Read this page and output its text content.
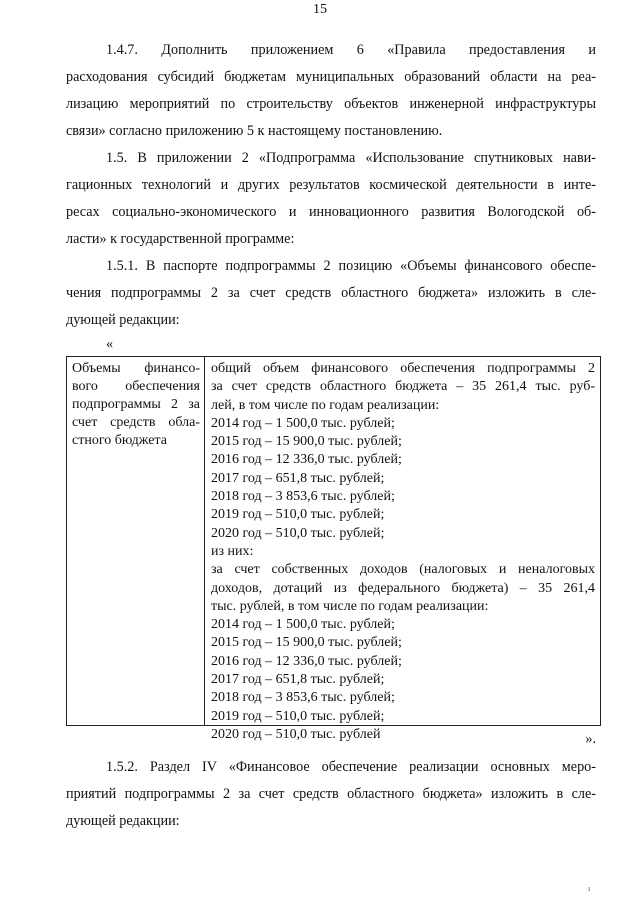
15
1.4.7. Дополнить приложением 6 «Правила предоставления и
расходования субсидий бюджетам муниципальных образований области на реа-
лизацию мероприятий по строительству объектов инженерной инфраструктуры
связи» согласно приложению 5 к настоящему постановлению.
1.5. В приложении 2 «Подпрограмма «Использование спутниковых нави-
гационных технологий и других результатов космической деятельности в инте-
ресах социально-экономического и инновационного развития Вологодской об-
ласти» к государственной программе:
1.5.1. В паспорте подпрограммы 2 позицию «Объемы финансового обеспе-
чения подпрограммы 2 за счет средств областного бюджета» изложить в сле-
дующей редакции:
«
Объемы финансо-
вого обеспечения
подпрограммы 2 за
счет средств обла-
стного бюджета
общий объем финансового обеспечения подпрограммы 2
за счет средств областного бюджета – 35 261,4 тыс. руб-
лей, в том числе по годам реализации:
2014 год – 1 500,0 тыс. рублей;
2015 год – 15 900,0 тыс. рублей;
2016 год – 12 336,0 тыс. рублей;
2017 год – 651,8 тыс. рублей;
2018 год – 3 853,6 тыс. рублей;
2019 год – 510,0 тыс. рублей;
2020 год – 510,0 тыс. рублей;
из них:
за счет собственных доходов (налоговых и неналоговых
доходов, дотаций из федерального бюджета) – 35 261,4
тыс. рублей, в том числе по годам реализации:
2014 год – 1 500,0 тыс. рублей;
2015 год – 15 900,0 тыс. рублей;
2016 год – 12 336,0 тыс. рублей;
2017 год – 651,8 тыс. рублей;
2018 год – 3 853,6 тыс. рублей;
2019 год – 510,0 тыс. рублей;
2020 год – 510,0 тыс. рублей	».
1.5.2. Раздел IV «Финансовое обеспечение реализации основных меро-
приятий подпрограммы 2 за счет средств областного бюджета» изложить в сле-
дующей редакции:
ı
